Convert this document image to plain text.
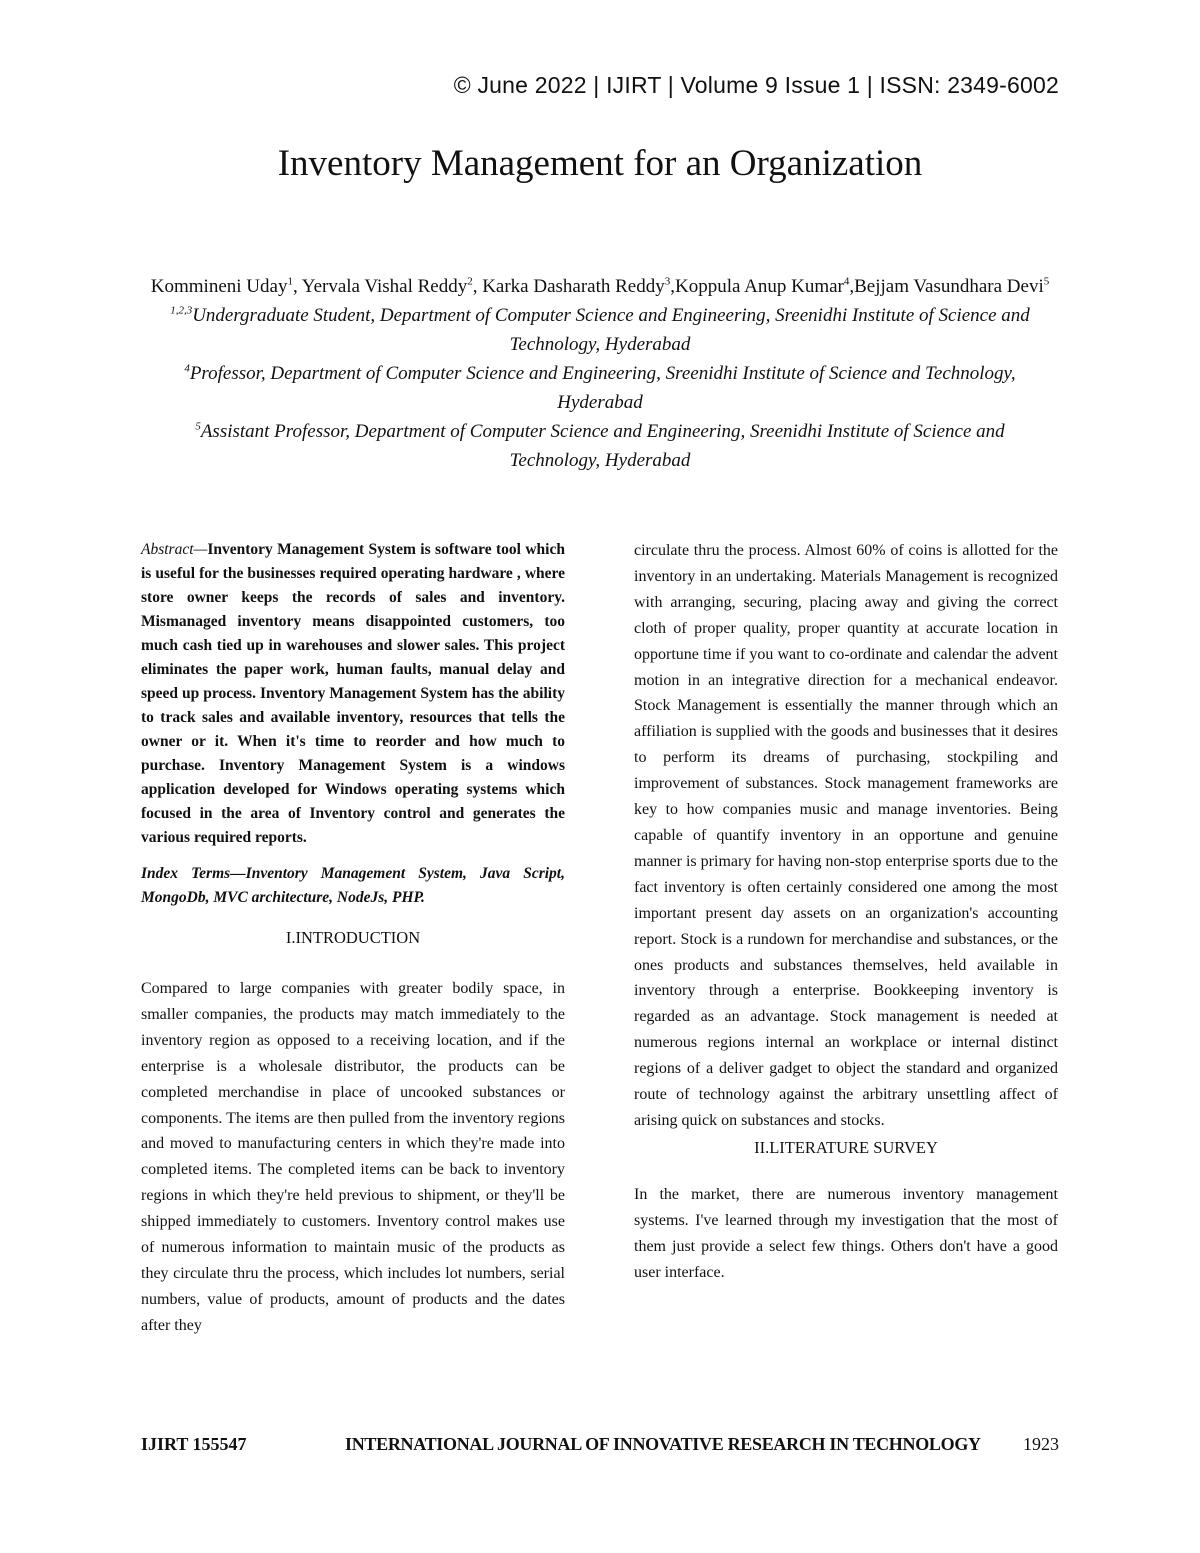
© June 2022 | IJIRT | Volume 9 Issue 1 | ISSN: 2349-6002
Inventory Management for an Organization
Kommineni Uday$^1$, Yervala Vishal Reddy$^2$, Karka Dasharath Reddy$^3$,Koppula Anup Kumar$^4$,Bejjam Vasundhara Devi$^5$
$^{1,2,3}$Undergraduate Student, Department of Computer Science and Engineering, Sreenidhi Institute of Science and Technology, Hyderabad
$^4$Professor, Department of Computer Science and Engineering, Sreenidhi Institute of Science and Technology, Hyderabad
$^5$Assistant Professor, Department of Computer Science and Engineering, Sreenidhi Institute of Science and Technology, Hyderabad

Abstract—Inventory Management System is software tool which is useful for the businesses required operating hardware , where store owner keeps the records of sales and inventory. Mismanaged inventory means disappointed customers, too much cash tied up in warehouses and slower sales. This project eliminates the paper work, human faults, manual delay and speed up process. Inventory Management System has the ability to track sales and available inventory, resources that tells the owner or it. When it's time to reorder and how much to purchase. Inventory Management System is a windows application developed for Windows operating systems which focused in the area of Inventory control and generates the various required reports.

Index Terms—Inventory Management System, Java Script, MongoDb, MVC architecture, NodeJs, PHP.

I.INTRODUCTION

Compared to large companies with greater bodily space, in smaller companies, the products may match immediately to the inventory region as opposed to a receiving location, and if the enterprise is a wholesale distributor, the products can be completed merchandise in place of uncooked substances or components. The items are then pulled from the inventory regions and moved to manufacturing centers in which they're made into completed items. The completed items can be back to inventory regions in which they're held previous to shipment, or they'll be shipped immediately to customers. Inventory control makes use of numerous information to maintain music of the products as they circulate thru the process, which includes lot numbers, serial numbers, value of products, amount of products and the dates after they

circulate thru the process. Almost 60% of coins is allotted for the inventory in an undertaking. Materials Management is recognized with arranging, securing, placing away and giving the correct cloth of proper quality, proper quantity at accurate location in opportune time if you want to co-ordinate and calendar the advent motion in an integrative direction for a mechanical endeavor. Stock Management is essentially the manner through which an affiliation is supplied with the goods and businesses that it desires to perform its dreams of purchasing, stockpiling and improvement of substances. Stock management frameworks are key to how companies music and manage inventories. Being capable of quantify inventory in an opportune and genuine manner is primary for having non-stop enterprise sports due to the fact inventory is often certainly considered one among the most important present day assets on an organization's accounting report. Stock is a rundown for merchandise and substances, or the ones products and substances themselves, held available in inventory through a enterprise. Bookkeeping inventory is regarded as an advantage. Stock management is needed at numerous regions internal an workplace or internal distinct regions of a deliver gadget to object the standard and organized route of technology against the arbitrary unsettling affect of arising quick on substances and stocks.

II.LITERATURE SURVEY

In the market, there are numerous inventory management systems. I've learned through my investigation that the most of them just provide a select few things. Others don't have a good user interface.

IJIRT 155547	INTERNATIONAL JOURNAL OF INNOVATIVE RESEARCH IN TECHNOLOGY 1923
